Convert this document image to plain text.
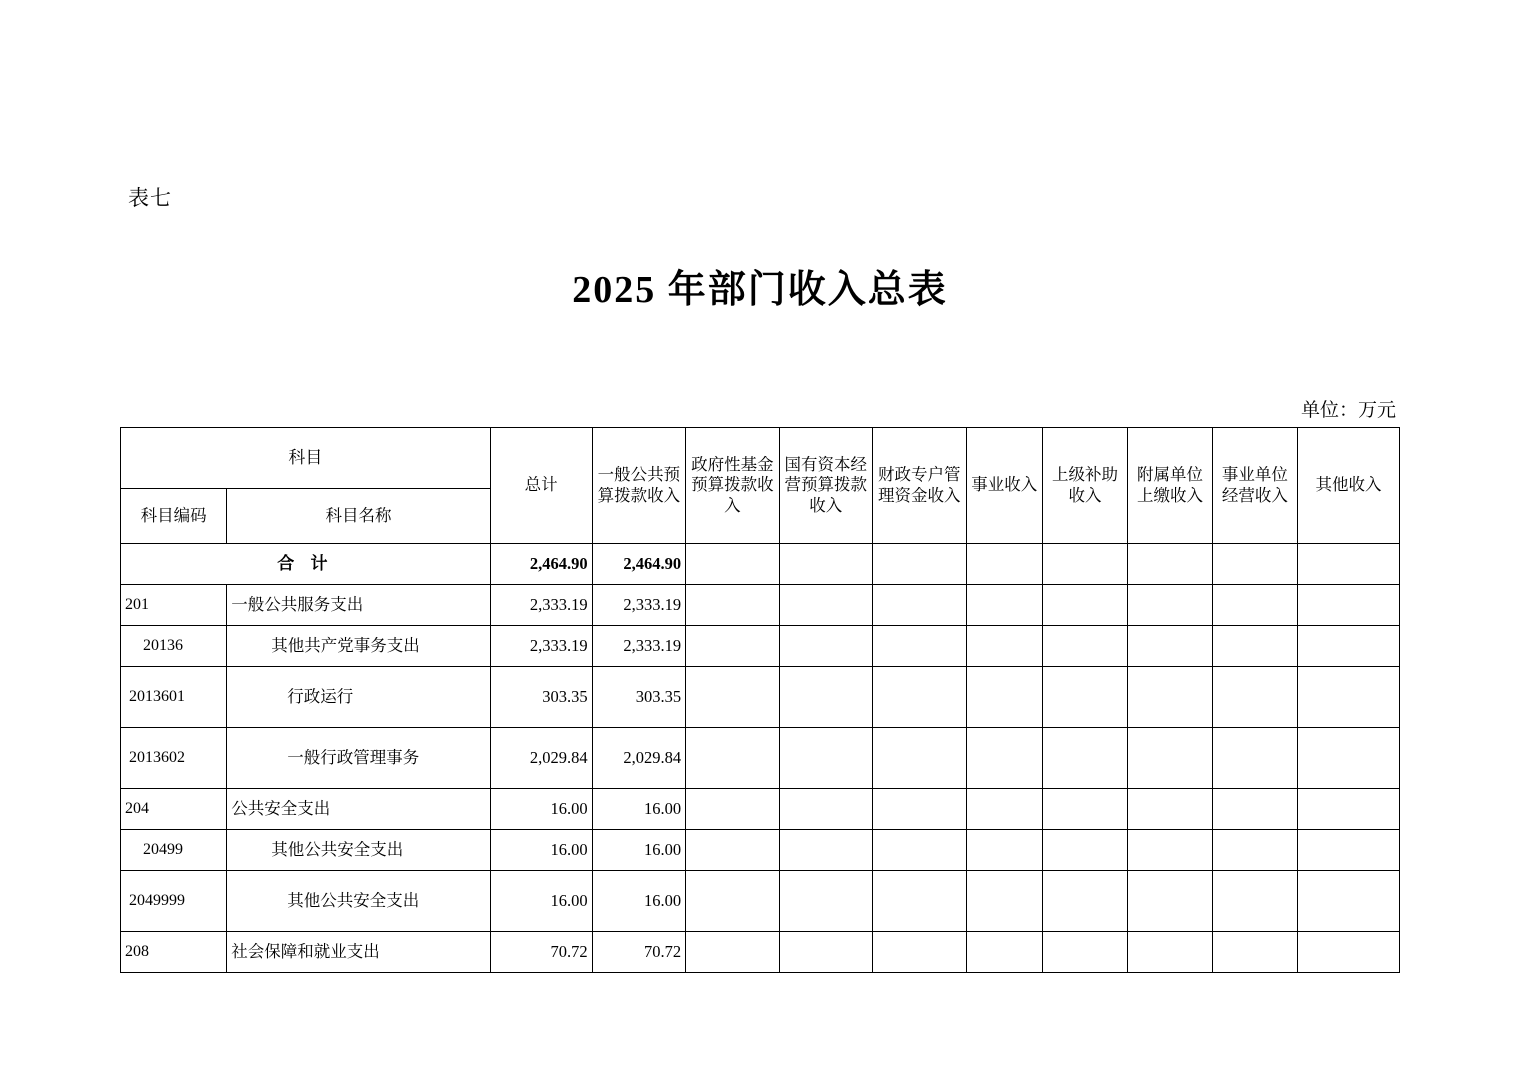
表七
2025 年部门收入总表
单位：万元
科目		总计	一般公共预算拨款收入	政府性基金预算拨款收入	国有资本经营预算拨款收入	财政专户管理资金收入	事业收入	上级补助收入	附属单位上缴收入	事业单位经营收入	其他收入
科目编码	科目名称										
合 计		2,464.90	2,464.90								
201	一般公共服务支出	2,333.19	2,333.19								
20136	其他共产党事务支出	2,333.19	2,333.19								
2013601	行政运行	303.35	303.35								
2013602	一般行政管理事务	2,029.84	2,029.84								
204	公共安全支出	16.00	16.00								
20499	其他公共安全支出	16.00	16.00								
2049999	其他公共安全支出	16.00	16.00								
208	社会保障和就业支出	70.72	70.72								
